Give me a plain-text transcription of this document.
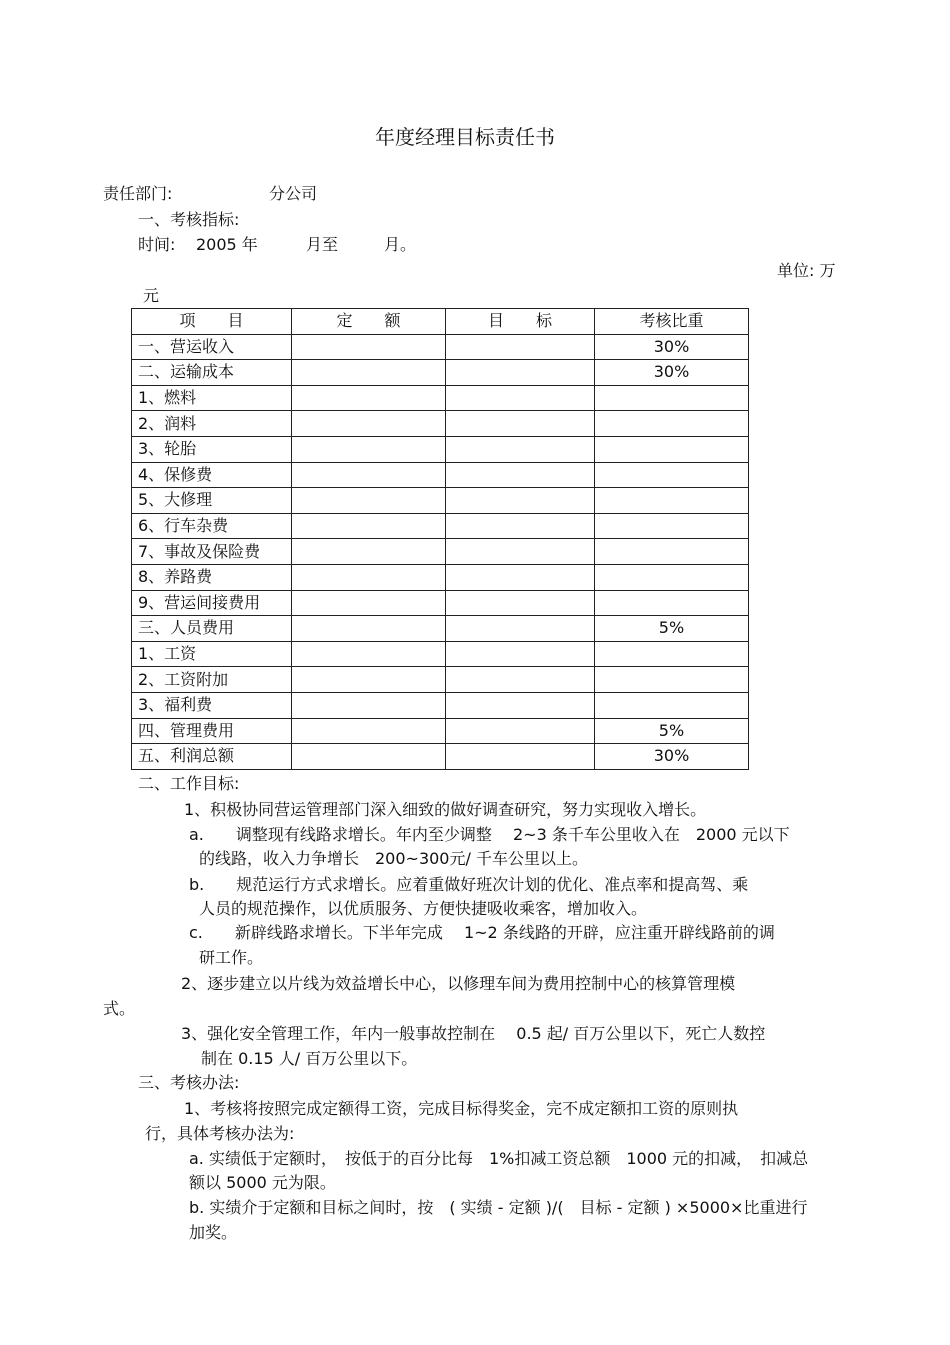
年度经理目标责任书
责任部门:	分公司
一、考核指标:
时间: 2005 年	月至	月。
单位: 万
元
项　　目	定　　额	目　　标	考核比重
一、营运收入			30%
二、运输成本			30%
1、燃料			
2、润料			
3、轮胎			
4、保修费			
5、大修理			
6、行车杂费			
7、事故及保险费			
8、养路费			
9、营运间接费用			
三、人员费用			5%
1、工资			
2、工资附加			
3、福利费			
四、管理费用			5%
五、利润总额			30%
二、工作目标:
1、积极协同营运管理部门深入细致的做好调查研究，努力实现收入增长。
a.　　调整现有线路求增长。年内至少调整　 2~3 条千车公里收入在　2000 元以下
的线路，收入力争增长　200~300元/ 千车公里以上。
b.　　规范运行方式求增长。应着重做好班次计划的优化、准点率和提高驾、乘
人员的规范操作，以优质服务、方便快捷吸收乘客，增加收入。
c.　　新辟线路求增长。下半年完成　 1~2 条线路的开辟，应注重开辟线路前的调
研工作。
2、逐步建立以片线为效益增长中心，以修理车间为费用控制中心的核算管理模
式。
3、强化安全管理工作，年内一般事故控制在　 0.5 起/ 百万公里以下，死亡人数控
制在 0.15 人/ 百万公里以下。
三、考核办法:
1、考核将按照完成定额得工资，完成目标得奖金，完不成定额扣工资的原则执
行，具体考核办法为:
a. 实绩低于定额时，　按低于的百分比每　1%扣减工资总额　1000 元的扣减，　扣减总
额以 5000 元为限。
b. 实绩介于定额和目标之间时，按　( 实绩 - 定额 )/(　目标 - 定额 ) ×5000×比重进行
加奖。
